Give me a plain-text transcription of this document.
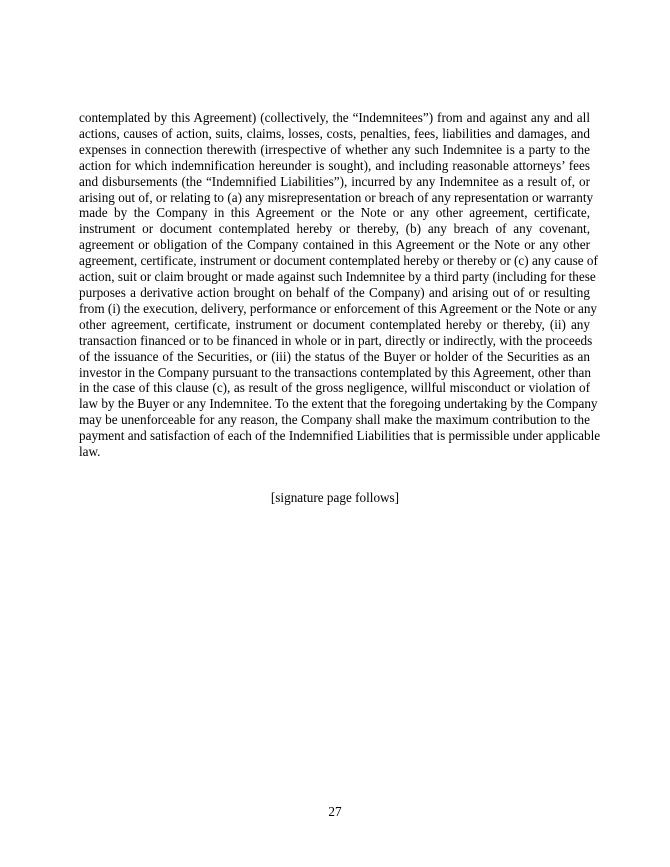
contemplated by this Agreement) (collectively, the “Indemnitees”) from and against any and all
actions, causes of action, suits, claims, losses, costs, penalties, fees, liabilities and damages, and
expenses in connection therewith (irrespective of whether any such Indemnitee is a party to the
action for which indemnification hereunder is sought), and including reasonable attorneys’ fees
and disbursements (the “Indemnified Liabilities”), incurred by any Indemnitee as a result of, or
arising out of, or relating to (a) any misrepresentation or breach of any representation or warranty
made by the Company in this Agreement or the Note or any other agreement, certificate,
instrument or document contemplated hereby or thereby, (b) any breach of any covenant,
agreement or obligation of the Company contained in this Agreement or the Note or any other
agreement, certificate, instrument or document contemplated hereby or thereby or (c) any cause of
action, suit or claim brought or made against such Indemnitee by a third party (including for these
purposes a derivative action brought on behalf of the Company) and arising out of or resulting
from (i) the execution, delivery, performance or enforcement of this Agreement or the Note or any
other agreement, certificate, instrument or document contemplated hereby or thereby, (ii) any
transaction financed or to be financed in whole or in part, directly or indirectly, with the proceeds
of the issuance of the Securities, or (iii) the status of the Buyer or holder of the Securities as an
investor in the Company pursuant to the transactions contemplated by this Agreement, other than
in the case of this clause (c), as result of the gross negligence, willful misconduct or violation of
law by the Buyer or any Indemnitee. To the extent that the foregoing undertaking by the Company
may be unenforceable for any reason, the Company shall make the maximum contribution to the
payment and satisfaction of each of the Indemnified Liabilities that is permissible under applicable
law.

[signature page follows]

27
